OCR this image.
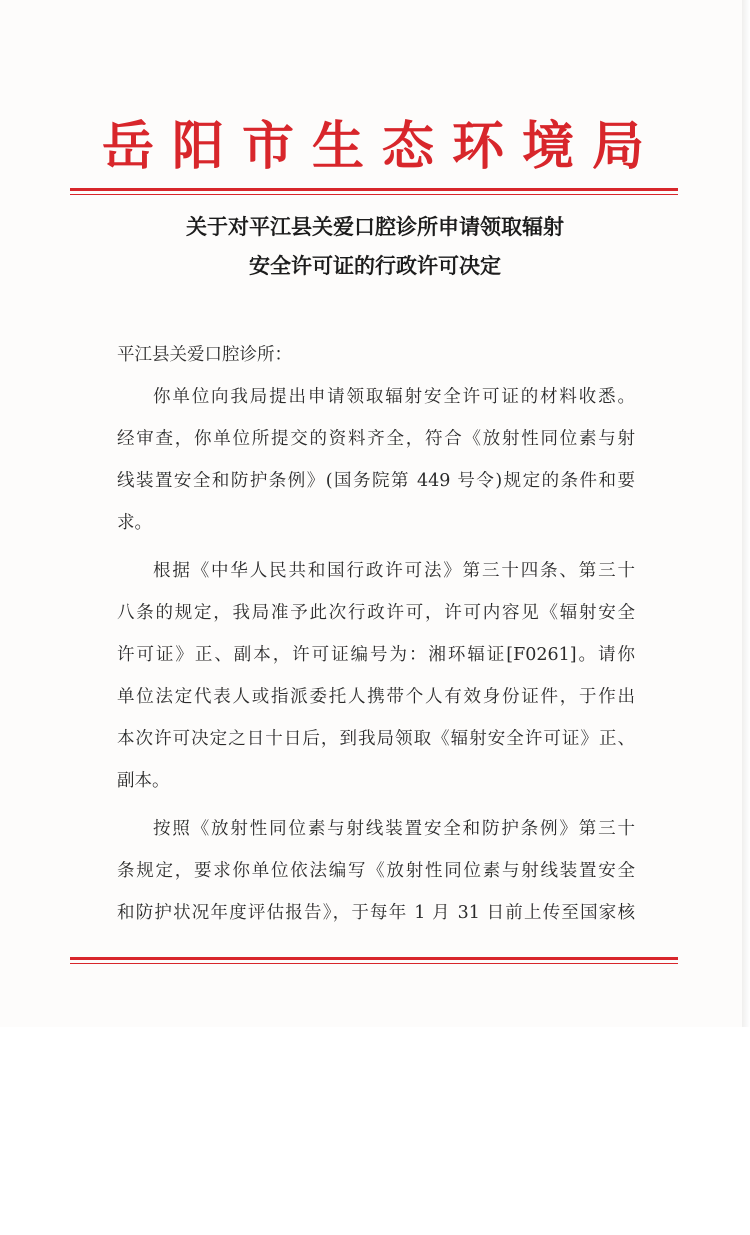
岳阳市生态环境局
关于对平江县关爱口腔诊所申请领取辐射
安全许可证的行政许可决定
平江县关爱口腔诊所：
你单位向我局提出申请领取辐射安全许可证的材料收悉。
经审查，你单位所提交的资料齐全，符合《放射性同位素与射
线装置安全和防护条例》(国务院第 449 号令)规定的条件和要
求。
根据《中华人民共和国行政许可法》第三十四条、第三十
八条的规定，我局准予此次行政许可，许可内容见《辐射安全
许可证》正、副本，许可证编号为：湘环辐证[F0261]。请你
单位法定代表人或指派委托人携带个人有效身份证件，于作出
本次许可决定之日十日后，到我局领取《辐射安全许可证》正、
副本。
按照《放射性同位素与射线装置安全和防护条例》第三十
条规定，要求你单位依法编写《放射性同位素与射线装置安全
和防护状况年度评估报告》，于每年 1 月 31 日前上传至国家核
